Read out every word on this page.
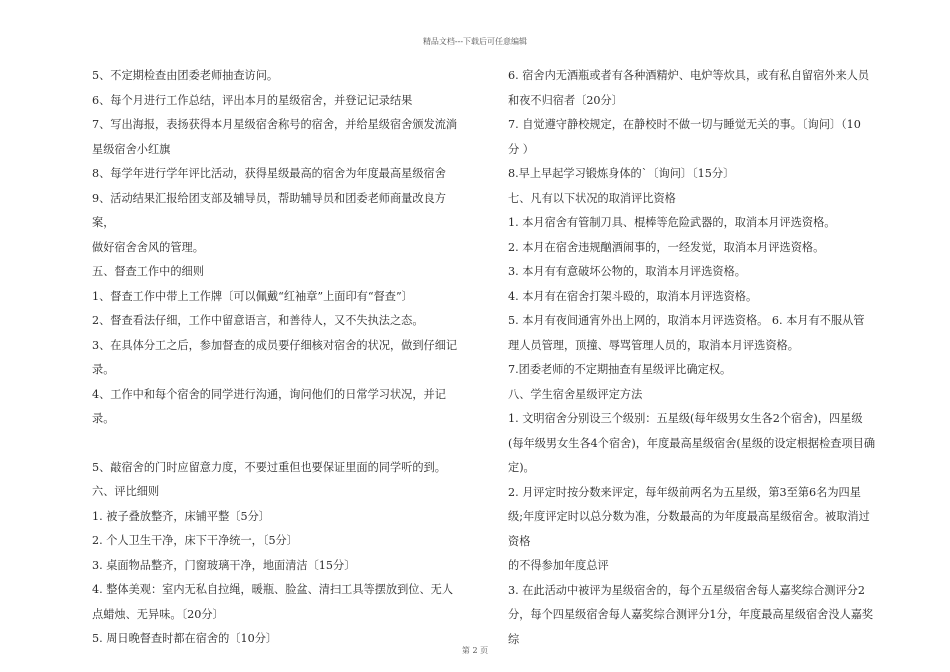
精品文档---下载后可任意编辑

5、不定期检查由团委老师抽查访问。

6、每个月进行工作总结，评出本月的星级宿舍，并登记记录结果

7、写出海报，表扬获得本月星级宿舍称号的宿舍，并给星级宿舍颁发流淌

星级宿舍小红旗

8、每学年进行学年评比活动，获得星级最高的宿舍为年度最高星级宿舍

9、活动结果汇报给团支部及辅导员，帮助辅导员和团委老师商量改良方案，

做好宿舍舍风的管理。

五、督查工作中的细则

1、督查工作中带上工作牌〔可以佩戴“红袖章”上面印有“督查”〕

2、督查看法仔细，工作中留意语言，和善待人，又不失执法之态。

3、在具体分工之后，参加督查的成员要仔细核对宿舍的状况，做到仔细记

录。

4、工作中和每个宿舍的同学进行沟通，询问他们的日常学习状况，并记录。

5、敲宿舍的门时应留意力度，不要过重但也要保证里面的同学听的到。

六、评比细则

1. 被子叠放整齐，床铺平整〔5分〕

2. 个人卫生干净，床下干净统一，〔5分〕

3. 桌面物品整齐，门窗玻璃干净，地面清洁〔15分〕

4. 整体美观：室内无私自拉绳，暖瓶、脸盆、清扫工具等摆放到位、无人

点蜡烛、无异味。〔20分〕

5. 周日晚督查时都在宿舍的〔10分〕

6. 宿舍内无酒瓶或者有各种酒精炉、电炉等炊具，或有私自留宿外来人员

和夜不归宿者〔20分〕

7. 自觉遵守静校规定，在静校时不做一切与睡觉无关的事。〔询问〕（10

分 ）

8.早上早起学习锻炼身体的`〔询问〕〔15分〕

七、凡有以下状况的取消评比资格

1. 本月宿舍有管制刀具、棍棒等危险武器的，取消本月评选资格。

2. 本月在宿舍违规酗酒闹事的，一经发觉，取消本月评选资格。

3. 本月有有意破坏公物的，取消本月评选资格。

4. 本月有在宿舍打架斗殴的，取消本月评选资格。

5. 本月有夜间通宵外出上网的，取消本月评选资格。 6. 本月有不服从管

理人员管理，顶撞、辱骂管理人员的，取消本月评选资格。

7.团委老师的不定期抽查有星级评比确定权。

八、学生宿舍星级评定方法

1. 文明宿舍分别设三个级别：五星级(每年级男女生各2个宿舍)，四星级

(每年级男女生各4个宿舍)，年度最高星级宿舍(星级的设定根据检查项目确

定)。

2. 月评定时按分数来评定，每年级前两名为五星级，第3至第6名为四星

级;年度评定时以总分数为准，分数最高的为年度最高星级宿舍。被取消过资格

的不得参加年度总评

3. 在此活动中被评为星级宿舍的，每个五星级宿舍每人嘉奖综合测评分2

分，每个四星级宿舍每人嘉奖综合测评分1分，年度最高星级宿舍没人嘉奖综

第 2 页
